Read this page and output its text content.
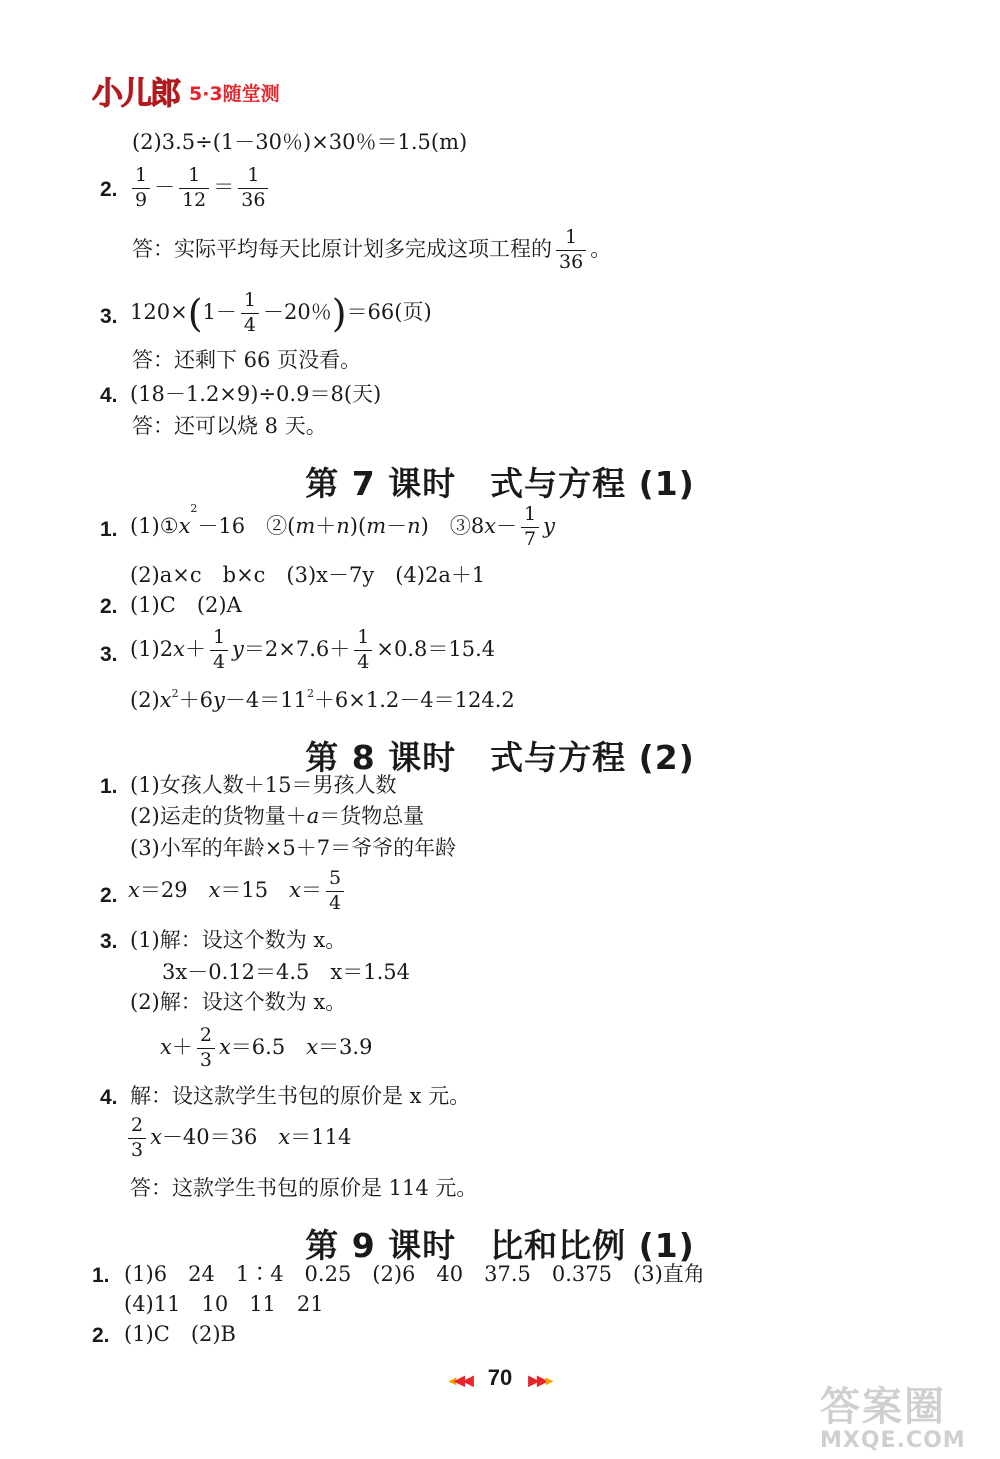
小儿郎 5·3随堂测
(2)3.5÷(1－30％)×30％＝1.5(m)
2. $\frac{1}{9} - \frac{1}{12} = \frac{1}{36}$
答：实际平均每天比原计划多完成这项工程的 $\frac{1}{36}$ 。
3. $120\times(1- \frac{1}{4} -20$％)＝66(页)
答：还剩下 66 页没看。
4. (18－1.2×9)÷0.9＝8(天)
答：还可以烧 8 天。
第 7 课时　式与方程 (1)
1. $(1)①x^2-16$　②(m＋n)(m－n)　③8x－ $\frac{1}{7}$ y
(2)a×c　b×c　(3)x－7y　(4)2a＋1
2. (1)C　(2)A
3. $(1)2x+ \frac{1}{4} y=2\times 7.6+ \frac{1}{4} \times 0.8=15.4$
$(2)x^2+6y-4=11^2+6\times 1.2-4=124.2$
第 8 课时　式与方程 (2)
1. (1)女孩人数＋15＝男孩人数
(2)运走的货物量＋a＝货物总量
(3)小军的年龄×5＋7＝爷爷的年龄
2. x＝29　x＝15　$x= \frac{5}{4}$
3. (1)解：设这个数为 x。
3x－0.12＝4.5　x＝1.54
(2)解：设这个数为 x。
$x+ \frac{2}{3} x=6.5$　x＝3.9
4. 解：设这款学生书包的原价是 x 元。
$\frac{2}{3} x-40=36$　x＝114
答：这款学生书包的原价是 114 元。
第 9 课时　比和比例 (1)
1. (1)6　24　1∶4　0.25　(2)6　40　37.5　0.375　(3)直角
(4)11　10　11　21
2. (1)C　(2)B
◂◀◀ 70 ▶▶▸
答案圈
MXQE.COM
